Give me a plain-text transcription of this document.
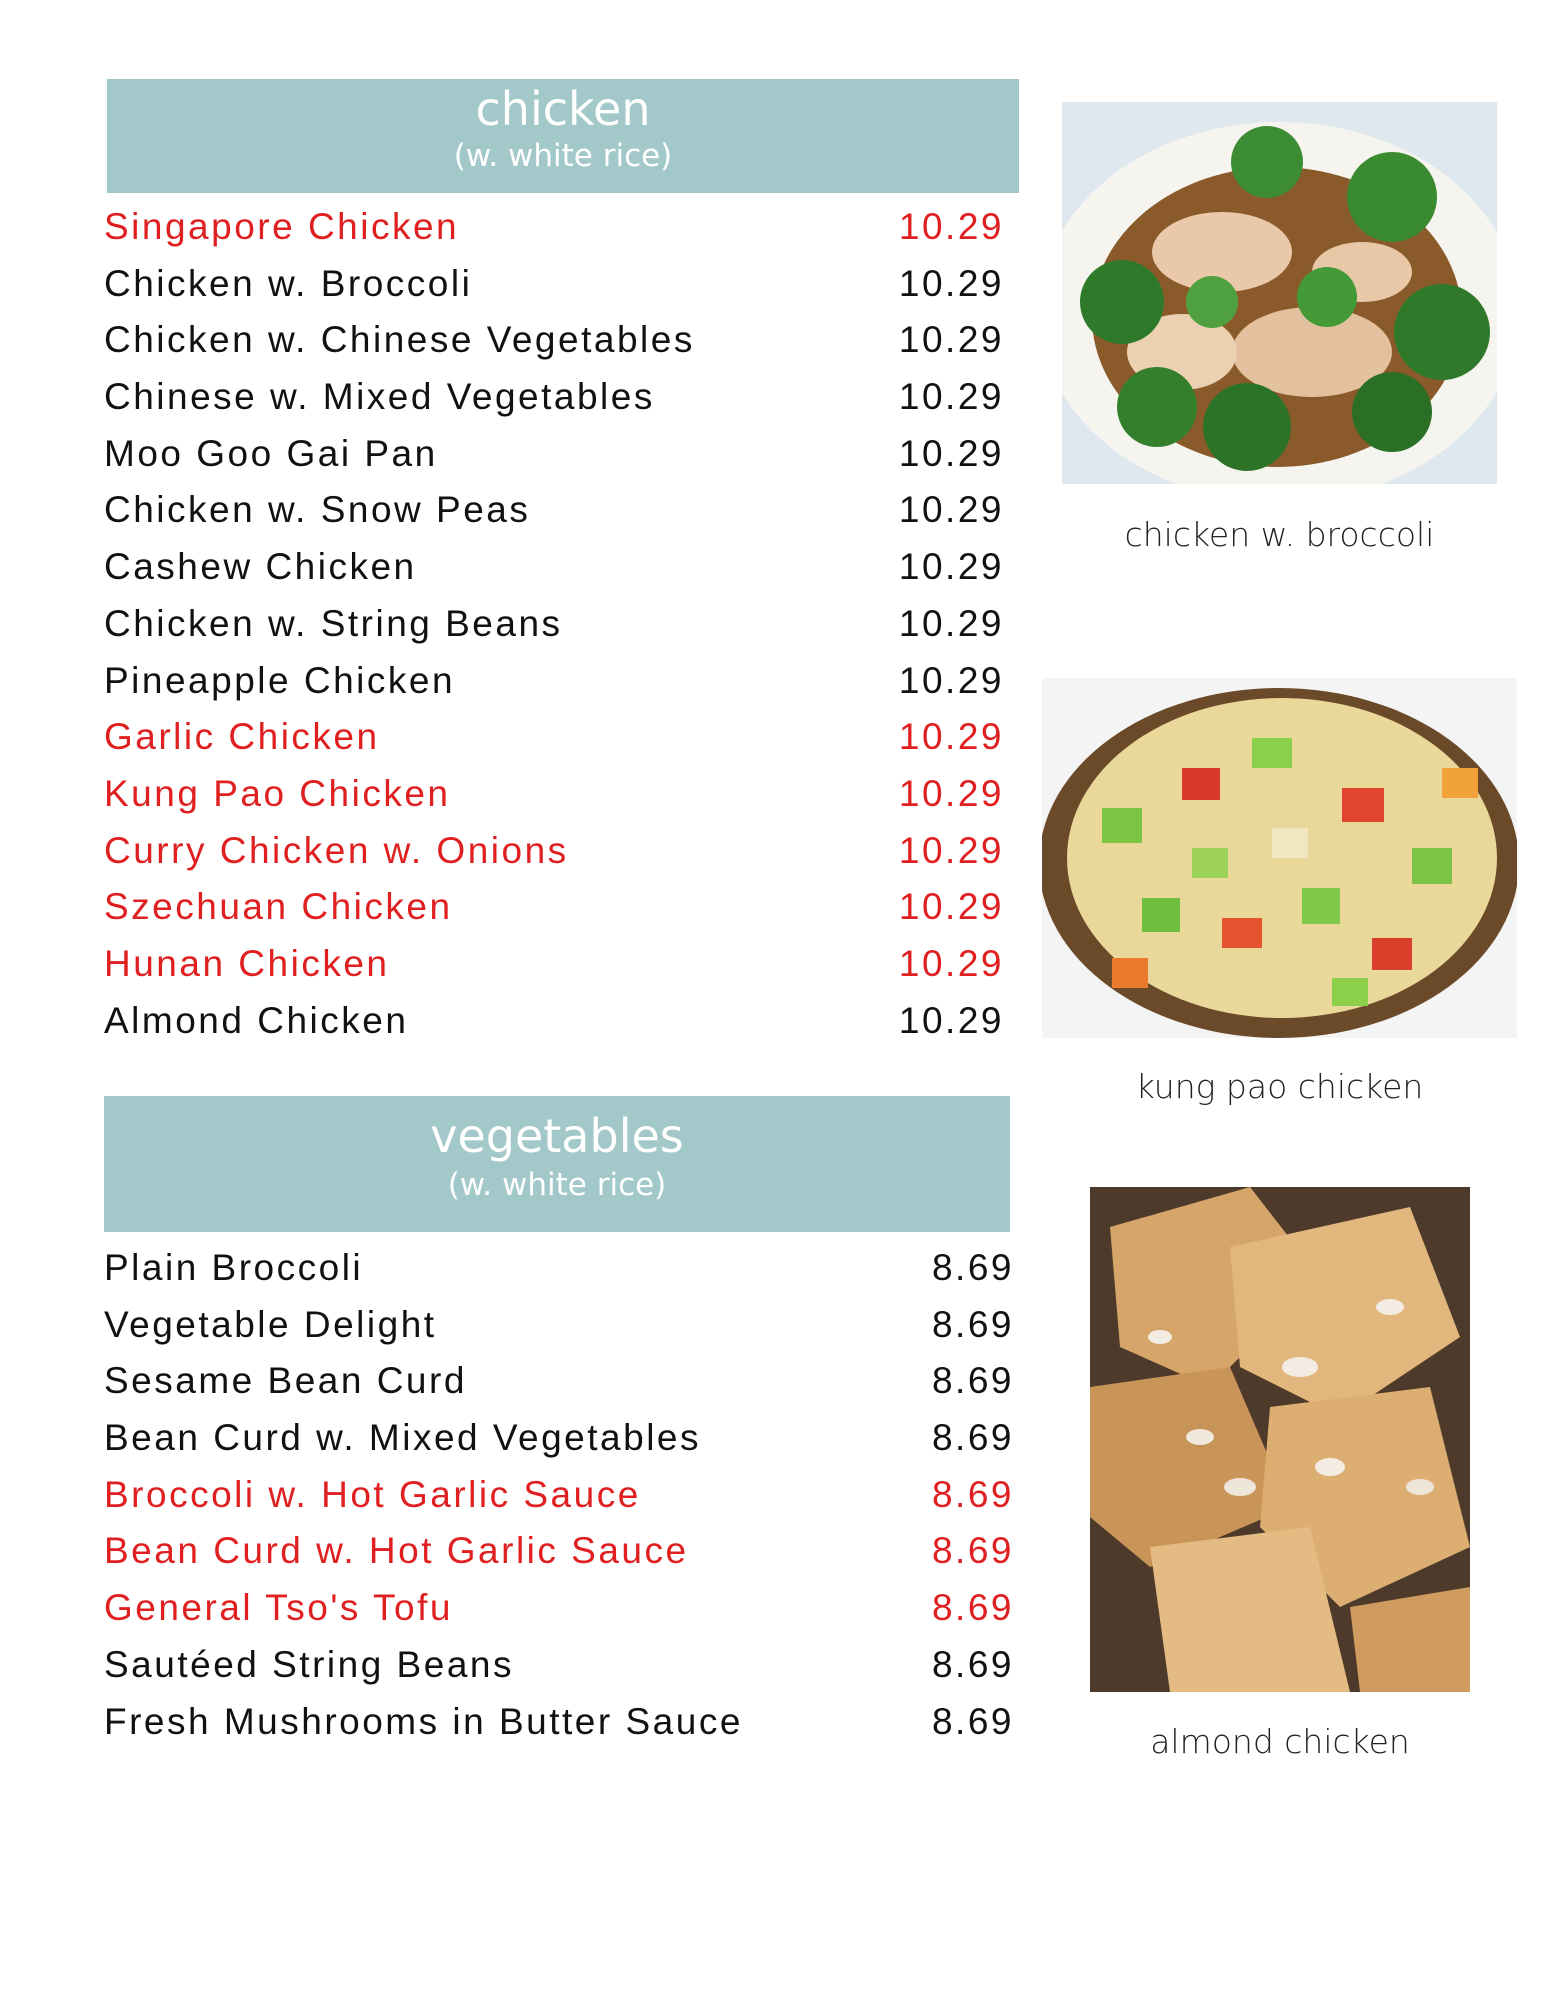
chicken
(w. white rice)
Singapore Chicken	10.29
Chicken w. Broccoli	10.29
Chicken w. Chinese Vegetables	10.29
Chinese w. Mixed Vegetables	10.29
Moo Goo Gai Pan	10.29
Chicken w. Snow Peas	10.29
Cashew Chicken	10.29
Chicken w. String Beans	10.29
Pineapple Chicken	10.29
Garlic Chicken	10.29
Kung Pao Chicken	10.29
Curry Chicken w. Onions	10.29
Szechuan Chicken	10.29
Hunan Chicken	10.29
Almond Chicken	10.29
vegetables
(w. white rice)
Plain Broccoli	8.69
Vegetable Delight	8.69
Sesame Bean Curd	8.69
Bean Curd w. Mixed Vegetables	8.69
Broccoli w. Hot Garlic Sauce	8.69
Bean Curd w. Hot Garlic Sauce	8.69
General Tso's Tofu	8.69
Sautéed String Beans	8.69
Fresh Mushrooms in Butter Sauce	8.69
chicken w. broccoli
kung pao chicken
almond chicken
